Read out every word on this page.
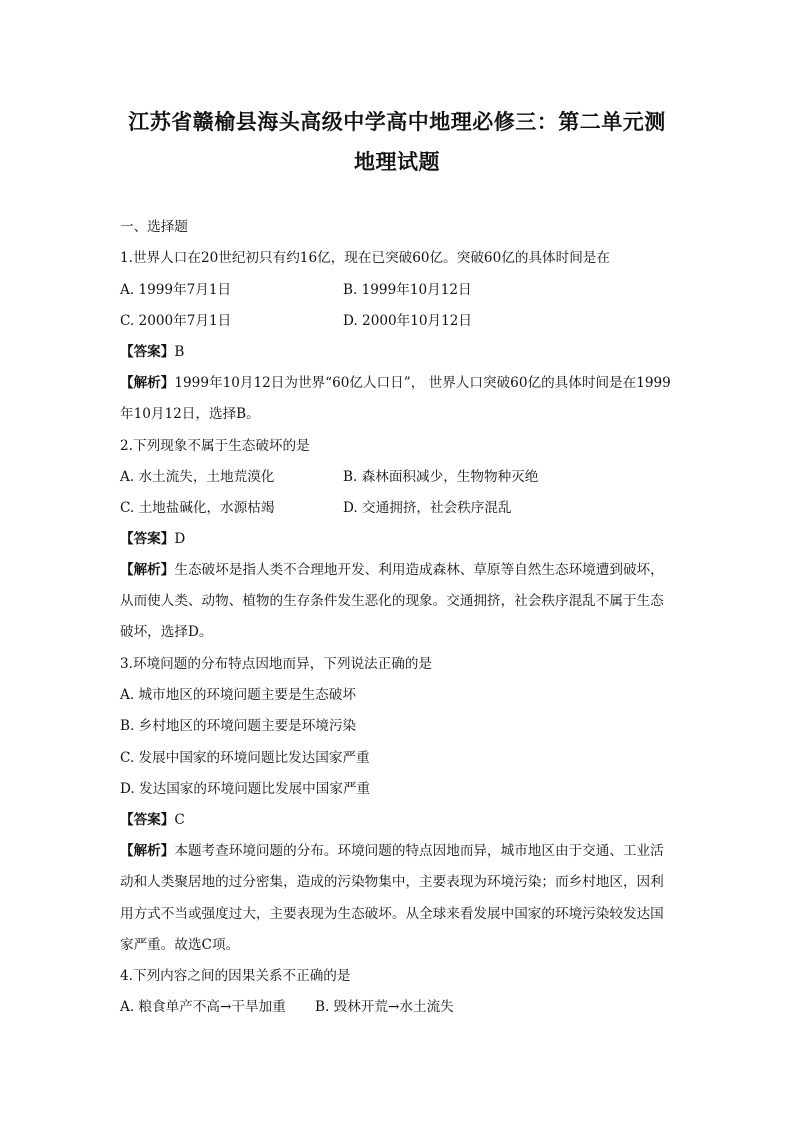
江苏省赣榆县海头高级中学高中地理必修三：第二单元测
地理试题
一、选择题
1.世界人口在20世纪初只有约16亿，现在已突破60亿。突破60亿的具体时间是在
A. 1999年7月1日	B. 1999年10月12日
C. 2000年7月1日	D. 2000年10月12日
【答案】B
【解析】1999年10月12日为世界“60亿人口日”， 世界人口突破60亿的具体时间是在1999
年10月12日，选择B。
2.下列现象不属于生态破坏的是
A. 水土流失，土地荒漠化	B. 森林面积减少，生物物种灭绝
C. 土地盐碱化，水源枯竭	D. 交通拥挤，社会秩序混乱
【答案】D
【解析】生态破坏是指人类不合理地开发、利用造成森林、草原等自然生态环境遭到破坏，
从而使人类、动物、植物的生存条件发生恶化的现象。交通拥挤，社会秩序混乱不属于生态
破坏，选择D。
3.环境问题的分布特点因地而异，下列说法正确的是
A. 城市地区的环境问题主要是生态破坏
B. 乡村地区的环境问题主要是环境污染
C. 发展中国家的环境问题比发达国家严重
D. 发达国家的环境问题比发展中国家严重
【答案】C
【解析】本题考查环境问题的分布。环境问题的特点因地而异，城市地区由于交通、工业活
动和人类聚居地的过分密集，造成的污染物集中，主要表现为环境污染；而乡村地区，因利
用方式不当或强度过大，主要表现为生态破坏。从全球来看发展中国家的环境污染较发达国
家严重。故选C项。
4.下列内容之间的因果关系不正确的是
A. 粮食单产不高→干旱加重 B. 毁林开荒→水土流失
